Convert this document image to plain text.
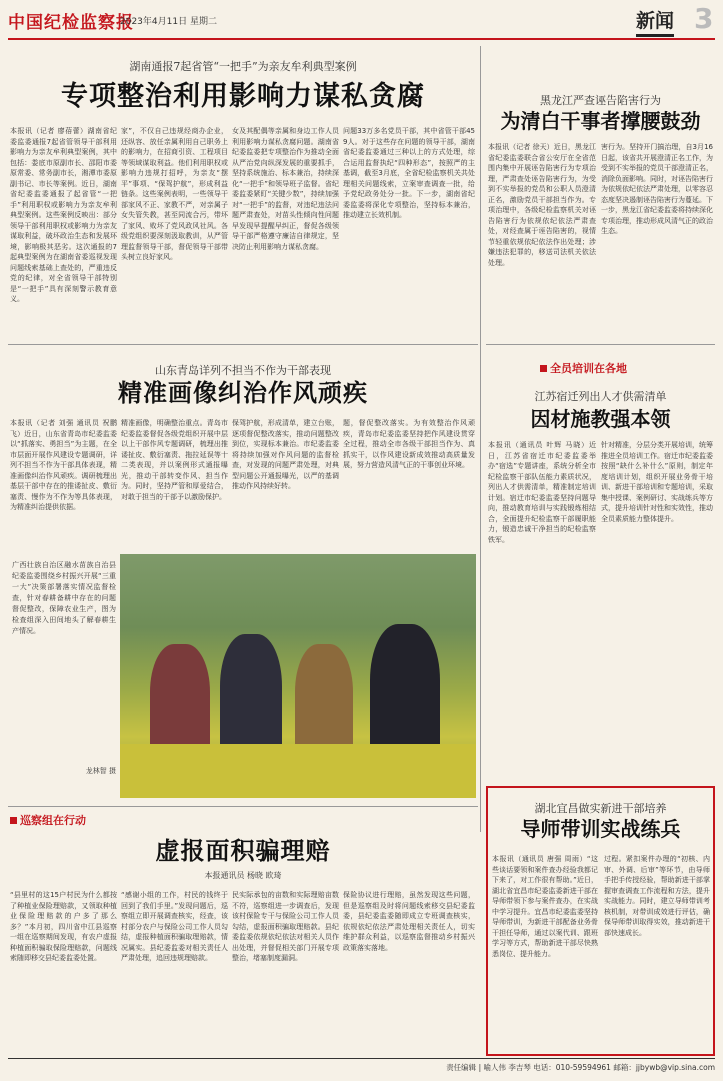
中国纪检监察报
2023年4月11日 星期二	新闻 3
湖南通报7起省管“一把手”为亲友牟利典型案例
专项整治利用影响力谋私贪腐
本报讯（记者 廖蓓蕾）湖南省纪委监委通报7起省管领导干部利用影响力为亲友牟利典型案例，其中包括：娄底市原副市长、邵阳市委原常委、常务副市长，湘潭市委原副书记、市长等案例。近日，湖南省纪委监委通报了起省管“一把手”利用职权或影响力为亲友牟利典型案例。这些案例反映出：部分领导干部利用职权或影响力为亲友谋取利益，破坏政治生态和发展环境，影响极其恶劣。这次通报的7起典型案例为在湖南省委巡视发现问题线索基础上查处的，严重违反党的纪律，对全省领导干部特别是“一把手”具有深刻警示教育意义。
家”，不仅自己违规经商办企业，还纵容、放任亲属利用自己职务上的影响力，在招商引资、工程项目等领域谋取利益。他们利用职权或影响力违规打招呼，为亲友“摆平”事项、“保驾护航”，形成利益链条。这些案例表明，一些领导干部家风不正、家教不严，对亲属子女失管失教，甚至同流合污，带坏了家风、败坏了党风政风社风。各级党组织要深刻汲取教训，从严管理监督领导干部，督促领导干部带头树立良好家风。
女及其配偶等亲属和身边工作人员利用影响力谋私贪腐问题。湖南省纪委监委把专项整治作为推动全面从严治党向纵深发展的重要抓手，坚持系统施治、标本兼治，持续深化“一把手”和领导班子监督。省纪委监委紧盯“关键少数”，持续加强对“一把手”的监督，对违纪违法问题严肃查处，对苗头性倾向性问题早发现早提醒早纠正，督促各级领导干部严格遵守廉洁自律规定，坚决防止利用影响力谋私贪腐。
问题33万多名党员干部，其中省管干部459人。对于这些存在问题的领导干部，湖南省纪委监委通过三种以上的方式处理，综合运用监督执纪“四种形态”，按照严的主基调，截至3月底，全省纪检监察机关共处理相关问题线索，立案审查调查一批，给予党纪政务处分一批。下一步，湖南省纪委监委将深化专项整治，坚持标本兼治，推动建立长效机制。
黑龙江严查诬告陷害行为
为清白干事者撑腰鼓劲
本报讯（记者 徐天）近日，黑龙江省纪委监委联合省公安厅在全省范围内集中开展诬告陷害行为专项治理，严肃查处诬告陷害行为，为受到不实举报的党员和公职人员澄清正名，激励党员干部担当作为。专项治理中，各级纪检监察机关对诬告陷害行为依规依纪依法严肃查处，对经查属于诬告陷害的，视情节轻重依规依纪依法作出处理；涉嫌违法犯罪的，移送司法机关依法处理。
害行为。坚持开门搞治理，自3月16日起，该省共开展澄清正名工作，为受到不实举报的党员干部澄清正名，消除负面影响。同时，对诬告陷害行为依规依纪依法严肃处理，以零容忍态度坚决遏制诬告陷害行为蔓延。下一步，黑龙江省纪委监委将持续深化专项治理，推动形成风清气正的政治生态。
山东青岛详列不担当不作为干部表现
精准画像纠治作风顽疾
本报讯（记者 刘强 通讯员 祝鹏飞）近日，山东省青岛市纪委监委以“抓落实、勇担当”为主题，在全市层面开展作风建设专题调研，详列不担当不作为干部具体表现，精准画像纠治作风顽疾。调研梳理出基层干部中存在的推诿扯皮、敷衍塞责、慢作为不作为等具体表现，为精准纠治提供依据。
精准画像，明确整治重点。青岛市纪委监委督促各级党组织开展中层以上干部作风专题调研，梳理出推诿扯皮、敷衍塞责、拖拉延误等十二类表现，并以案例形式通报曝光，推动干部转变作风、担当作为。同时，坚持严管和厚爱结合，对敢于担当的干部予以激励保护。
保驾护航，形成清单，建立台账，逐项督促整改落实，推动问题整改到位，实现标本兼治。市纪委监委将持续加强对作风问题的监督检查，对发现的问题严肃处理，对典型问题公开通报曝光，以严的基调推动作风持续好转。
题，督促整改落实。为有效整治作风顽疾，青岛市纪委监委坚持把作风建设贯穿全过程，推动全市各级干部担当作为、真抓实干，以作风建设新成效推动高质量发展，努力营造风清气正的干事创业环境。
广西壮族自治区融水苗族自治县纪委监委围绕乡村振兴开展“三重一大”决策部署落实情况监督检查，针对春耕备耕中存在的问题督促整改，保障农业生产，图为检查组深入田间地头了解春耕生产情况。
龙林智 摄
全员培训在各地
江苏宿迁列出人才供需清单
因材施教强本领
本报讯（通讯员 叶辉 马晓）近日，江苏省宿迁市纪委监委举办“宿选”专题讲座，系统分析全市纪检监察干部队伍能力素质状况，列出人才供需清单，精准制定培训计划。宿迁市纪委监委坚持问题导向，推动教育培训与实践锻炼相结合，全面提升纪检监察干部履职能力，锻造忠诚干净担当的纪检监察铁军。
针对精准，分层分类开展培训，统筹推进全员培训工作。宿迁市纪委监委按照“缺什么补什么”原则，制定年度培训计划，组织开展业务骨干培训、新进干部培训和专题培训，采取集中授课、案例研讨、实战练兵等方式，提升培训针对性和实效性，推动全员素质能力整体提升。
湖北宜昌做实新进干部培养
导师带训实战练兵
本报讯（通讯员 唐强 周雨）“这些谈话要领和案件查办经验我都记下来了，对工作很有帮助。”近日，湖北省宜昌市纪委监委新进干部在导师带领下参与案件查办，在实战中学习提升。宜昌市纪委监委坚持导师带训，为新进干部配备业务骨干担任导师，通过以案代训、跟班学习等方式，帮助新进干部尽快熟悉岗位、提升能力。
过程。紧扣案件办理的“初核、内审、外调、后审”等环节，由导师手把手传授经验，帮助新进干部掌握审查调查工作流程和方法，提升实战能力。同时，建立导师带训考核机制，对带训成效进行评估，确保导师带训取得实效，推动新进干部快速成长。
巡察组在行动
虚报面积骗理赔
本报通讯员 杨晓 欧琦
“县里村的这15户村民为什么都按了种植业保险理赔款，又领取种植业保险理赔款的户多了那么多？”本月初，四川省中江县巡察一组在巡察期间发现，有农户虚报种植面积骗取保险理赔款，问题线索随即移交县纪委监委处置。
“感谢小组的工作，村民的钱终于回到了我们手里。”发现问题后，巡察组立即开展调查核实，经查，该村部分农户与保险公司工作人员勾结，虚报种植面积骗取理赔款，情况属实。县纪委监委对相关责任人严肃处理，追回违规理赔款。
民实际承包的亩数和实际理赔亩数不符，巡察组进一步调查后，发现该村保险专干与保险公司工作人员勾结，虚报面积骗取理赔款。县纪委监委依规依纪依法对相关人员作出处理，并督促相关部门开展专项整治，堵塞制度漏洞。
保险协议进行理赔，虽然发现这些问题，但是巡察组及时将问题线索移交县纪委监委，县纪委监委随即成立专班调查核实，依规依纪依法严肃处理相关责任人，切实维护群众利益，以巡察监督推动乡村振兴政策落实落地。
责任编辑 | 喻人伟 李吉琴 电话：010-59594961 邮箱：jjbywb@vip.sina.com
